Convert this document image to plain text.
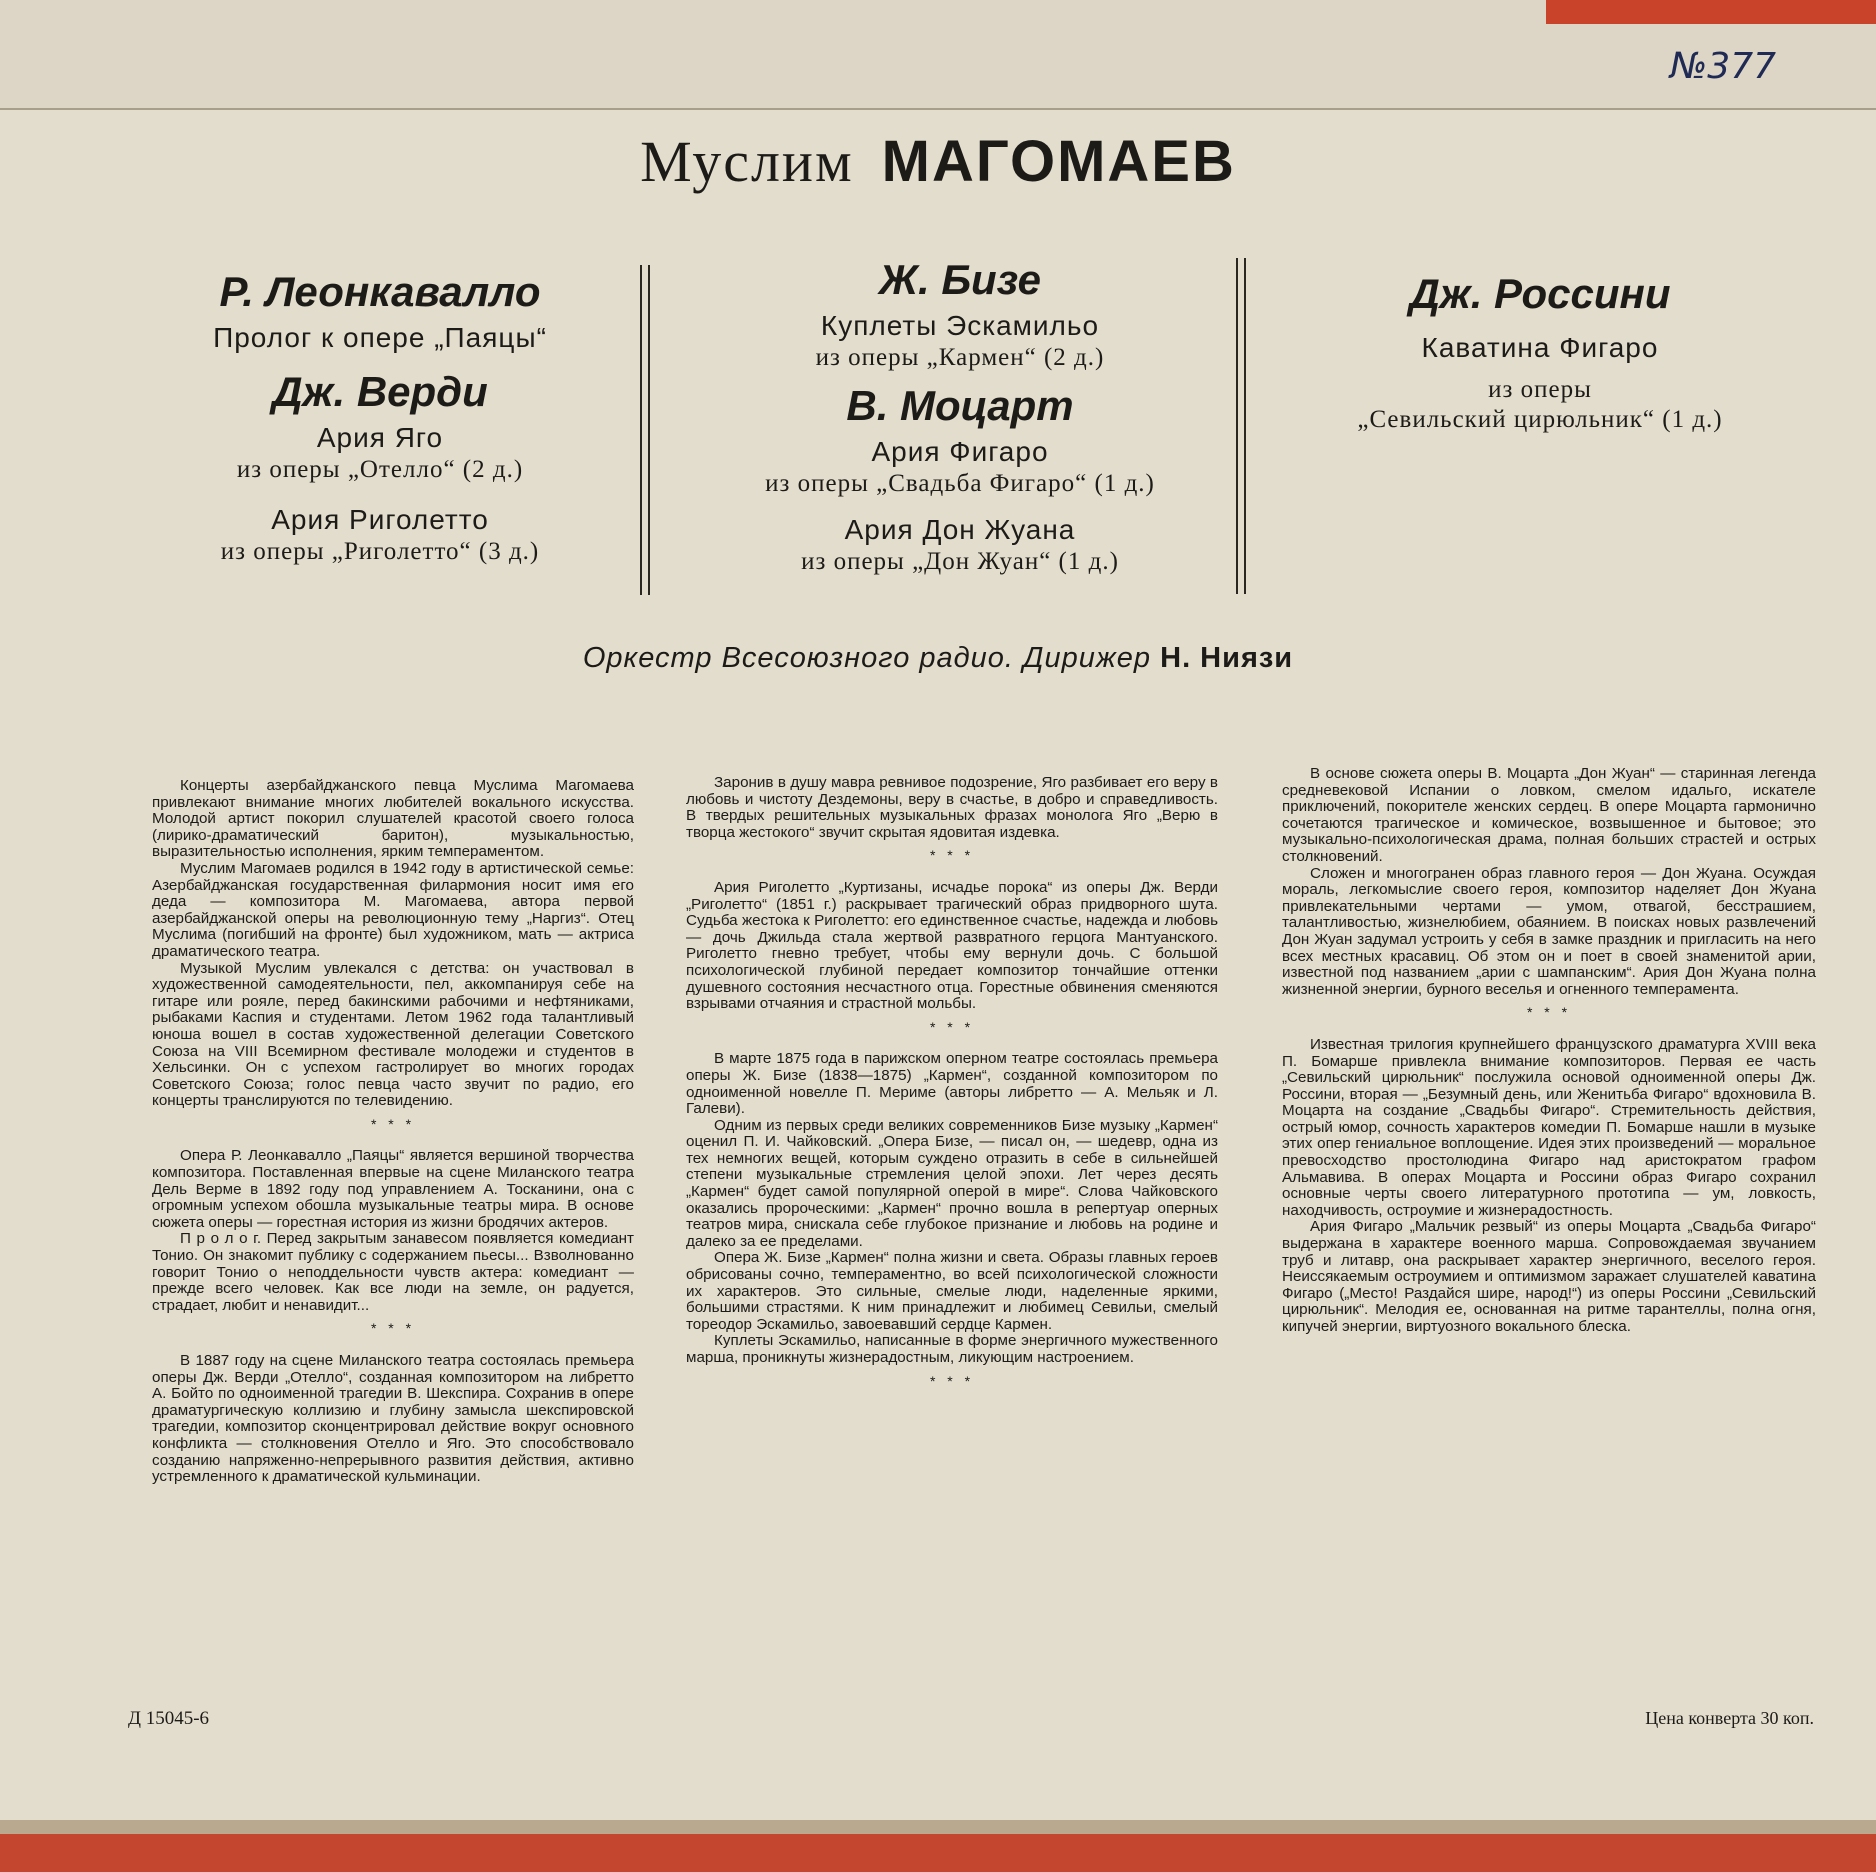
№377
Муслим МАГОМАЕВ

Р. Леонкавалло

Пролог к опере „Паяцы“

Дж. Верди

Ария Яго

из оперы „Отелло“ (2 д.)

Ария Риголетто

из оперы „Риголетто“ (3 д.)

Ж. Бизе

Куплеты Эскамильо

из оперы „Кармен“ (2 д.)

В. Моцарт

Ария Фигаро

из оперы „Свадьба Фигаро“ (1 д.)

Ария Дон Жуана

из оперы „Дон Жуан“ (1 д.)

Дж. Россини

Каватина Фигаро

из оперы

„Севильский цирюльник“ (1 д.)

Оркестр Всесоюзного радио. Дирижер Н. Ниязи

Концерты азербайджанского певца Муслима Магомаева привлекают внимание многих любителей вокального искусства. Молодой артист покорил слушателей красотой своего голоса (лирико-драматический баритон), музыкальностью, выразительностью исполнения, ярким темпераментом.

Муслим Магомаев родился в 1942 году в артистической семье: Азербайджанская государственная филармония носит имя его деда — композитора М. Магомаева, автора первой азербайджанской оперы на революционную тему „Наргиз“. Отец Муслима (погибший на фронте) был художником, мать — актриса драматического театра.

Музыкой Муслим увлекался с детства: он участвовал в художественной самодеятельности, пел, аккомпанируя себе на гитаре или рояле, перед бакинскими рабочими и нефтяниками, рыбаками Каспия и студентами. Летом 1962 года талантливый юноша вошел в состав художественной делегации Советского Союза на VIII Всемирном фестивале молодежи и студентов в Хельсинки. Он с успехом гастролирует во многих городах Советского Союза; голос певца часто звучит по радио, его концерты транслируются по телевидению.

* * *

Опера Р. Леонкавалло „Паяцы“ является вершиной творчества композитора. Поставленная впервые на сцене Миланского театра Дель Верме в 1892 году под управлением А. Тосканини, она с огромным успехом обошла музыкальные театры мира. В основе сюжета оперы — горестная история из жизни бродячих актеров.

П р о л о г. Перед закрытым занавесом появляется комедиант Тонио. Он знакомит публику с содержанием пьесы... Взволнованно говорит Тонио о неподдельности чувств актера: комедиант — прежде всего человек. Как все люди на земле, он радуется, страдает, любит и ненавидит...

* * *

В 1887 году на сцене Миланского театра состоялась премьера оперы Дж. Верди „Отелло“, созданная композитором на либретто А. Бойто по одноименной трагедии В. Шекспира. Сохранив в опере драматургическую коллизию и глубину замысла шекспировской трагедии, композитор сконцентрировал действие вокруг основного конфликта — столкновения Отелло и Яго. Это способствовало созданию напряженно-непрерывного развития действия, активно устремленного к драматической кульминации.

Заронив в душу мавра ревнивое подозрение, Яго разбивает его веру в любовь и чистоту Дездемоны, веру в счастье, в добро и справедливость. В твердых решительных музыкальных фразах монолога Яго „Верю в творца жестокого“ звучит скрытая ядовитая издевка.

* * *

Ария Риголетто „Куртизаны, исчадье порока“ из оперы Дж. Верди „Риголетто“ (1851 г.) раскрывает трагический образ придворного шута. Судьба жестока к Риголетто: его единственное счастье, надежда и любовь — дочь Джильда стала жертвой развратного герцога Мантуанского. Риголетто гневно требует, чтобы ему вернули дочь. С большой психологической глубиной передает композитор тончайшие оттенки душевного состояния несчастного отца. Горестные обвинения сменяются взрывами отчаяния и страстной мольбы.

* * *

В марте 1875 года в парижском оперном театре состоялась премьера оперы Ж. Бизе (1838—1875) „Кармен“, созданной композитором по одноименной новелле П. Мериме (авторы либретто — А. Мельяк и Л. Галеви).

Одним из первых среди великих современников Бизе музыку „Кармен“ оценил П. И. Чайковский. „Опера Бизе, — писал он, — шедевр, одна из тех немногих вещей, которым суждено отразить в себе в сильнейшей степени музыкальные стремления целой эпохи. Лет через десять „Кармен“ будет самой популярной оперой в мире“. Слова Чайковского оказались пророческими: „Кармен“ прочно вошла в репертуар оперных театров мира, снискала себе глубокое признание и любовь на родине и далеко за ее пределами.

Опера Ж. Бизе „Кармен“ полна жизни и света. Образы главных героев обрисованы сочно, темпераментно, во всей психологической сложности их характеров. Это сильные, смелые люди, наделенные яркими, большими страстями. К ним принадлежит и любимец Севильи, смелый тореодор Эскамильо, завоевавший сердце Кармен.

Куплеты Эскамильо, написанные в форме энергичного мужественного марша, проникнуты жизнерадостным, ликующим настроением.

* * *

В основе сюжета оперы В. Моцарта „Дон Жуан“ — старинная легенда средневековой Испании о ловком, смелом идальго, искателе приключений, покорителе женских сердец. В опере Моцарта гармонично сочетаются трагическое и комическое, возвышенное и бытовое; это музыкально-психологическая драма, полная больших страстей и острых столкновений.

Сложен и многогранен образ главного героя — Дон Жуана. Осуждая мораль, легкомыслие своего героя, композитор наделяет Дон Жуана привлекательными чертами — умом, отвагой, бесстрашием, талантливостью, жизнелюбием, обаянием. В поисках новых развлечений Дон Жуан задумал устроить у себя в замке праздник и пригласить на него всех местных красавиц. Об этом он и поет в своей знаменитой арии, известной под названием „арии с шампанским“. Ария Дон Жуана полна жизненной энергии, бурного веселья и огненного темперамента.

* * *

Известная трилогия крупнейшего французского драматурга XVIII века П. Бомарше привлекла внимание композиторов. Первая ее часть „Севильский цирюльник“ послужила основой одноименной оперы Дж. Россини, вторая — „Безумный день, или Женитьба Фигаро“ вдохновила В. Моцарта на создание „Свадьбы Фигаро“. Стремительность действия, острый юмор, сочность характеров комедии П. Бомарше нашли в музыке этих опер гениальное воплощение. Идея этих произведений — моральное превосходство простолюдина Фигаро над аристократом графом Альмавива. В операх Моцарта и Россини образ Фигаро сохранил основные черты своего литературного прототипа — ум, ловкость, находчивость, остроумие и жизнерадостность.

Ария Фигаро „Мальчик резвый“ из оперы Моцарта „Свадьба Фигаро“ выдержана в характере военного марша. Сопровождаемая звучанием труб и литавр, она раскрывает характер энергичного, веселого героя. Неиссякаемым остроумием и оптимизмом заражает слушателей каватина Фигаро („Место! Раздайся шире, народ!“) из оперы Россини „Севильский цирюльник“. Мелодия ее, основанная на ритме тарантеллы, полна огня, кипучей энергии, виртуозного вокального блеска.

Д 15045-6	Цена конверта 30 коп.
